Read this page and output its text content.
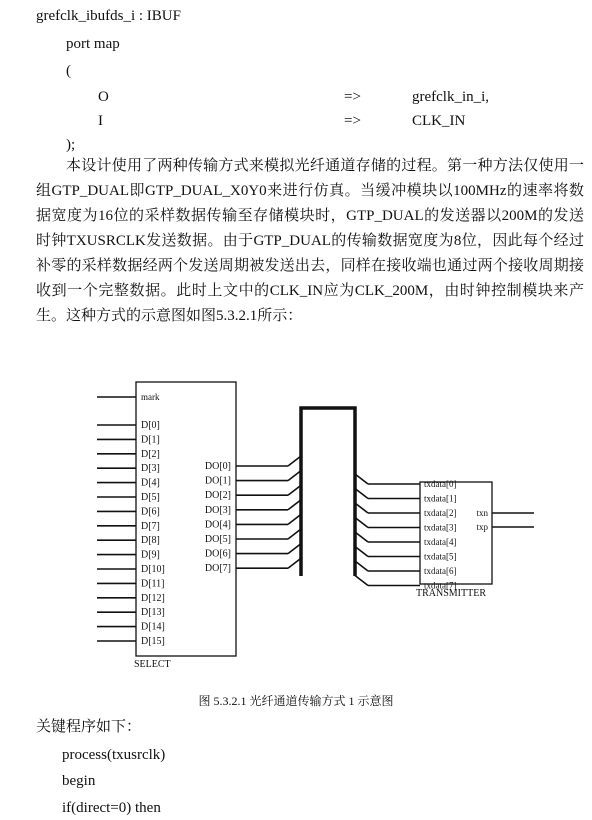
grefclk_ibufds_i : IBUF
port map
(
O	=>	grefclk_in_i,
I	=>	CLK_IN
);

本设计使用了两种传输方式来模拟光纤通道存储的过程。第一种方法仅使用一组GTP_DUAL即GTP_DUAL_X0Y0来进行仿真。当缓冲模块以100MHz的速率将数据宽度为16位的采样数据传输至存储模块时，GTP_DUAL的发送器以200M的发送时钟TXUSRCLK发送数据。由于GTP_DUAL的传输数据宽度为8位，因此每个经过补零的采样数据经两个发送周期被发送出去，同样在接收端也通过两个接收周期接收到一个完整数据。此时上文中的CLK_IN应为CLK_200M，由时钟控制模块来产生。这种方式的示意图如图5.3.2.1所示：

SELECT
mark
D[0]
D[1]
D[2]
D[3]
D[4]
D[5]
D[6]
D[7]
D[8]
D[9]
D[10]
D[11]
D[12]
D[13]
D[14]
D[15]
DO[0]
DO[1]
DO[2]
DO[3]
DO[4]
DO[5]
DO[6]
DO[7]
TRANSMITTER
txdata[0]
txdata[1]
txdata[2]
txdata[3]
txdata[4]
txdata[5]
txdata[6]
txdata[7]
txn
txp
图 5.3.2.1 光纤通道传输方式 1 示意图
关键程序如下：
process(txusrclk)
begin
if(direct=0) then
